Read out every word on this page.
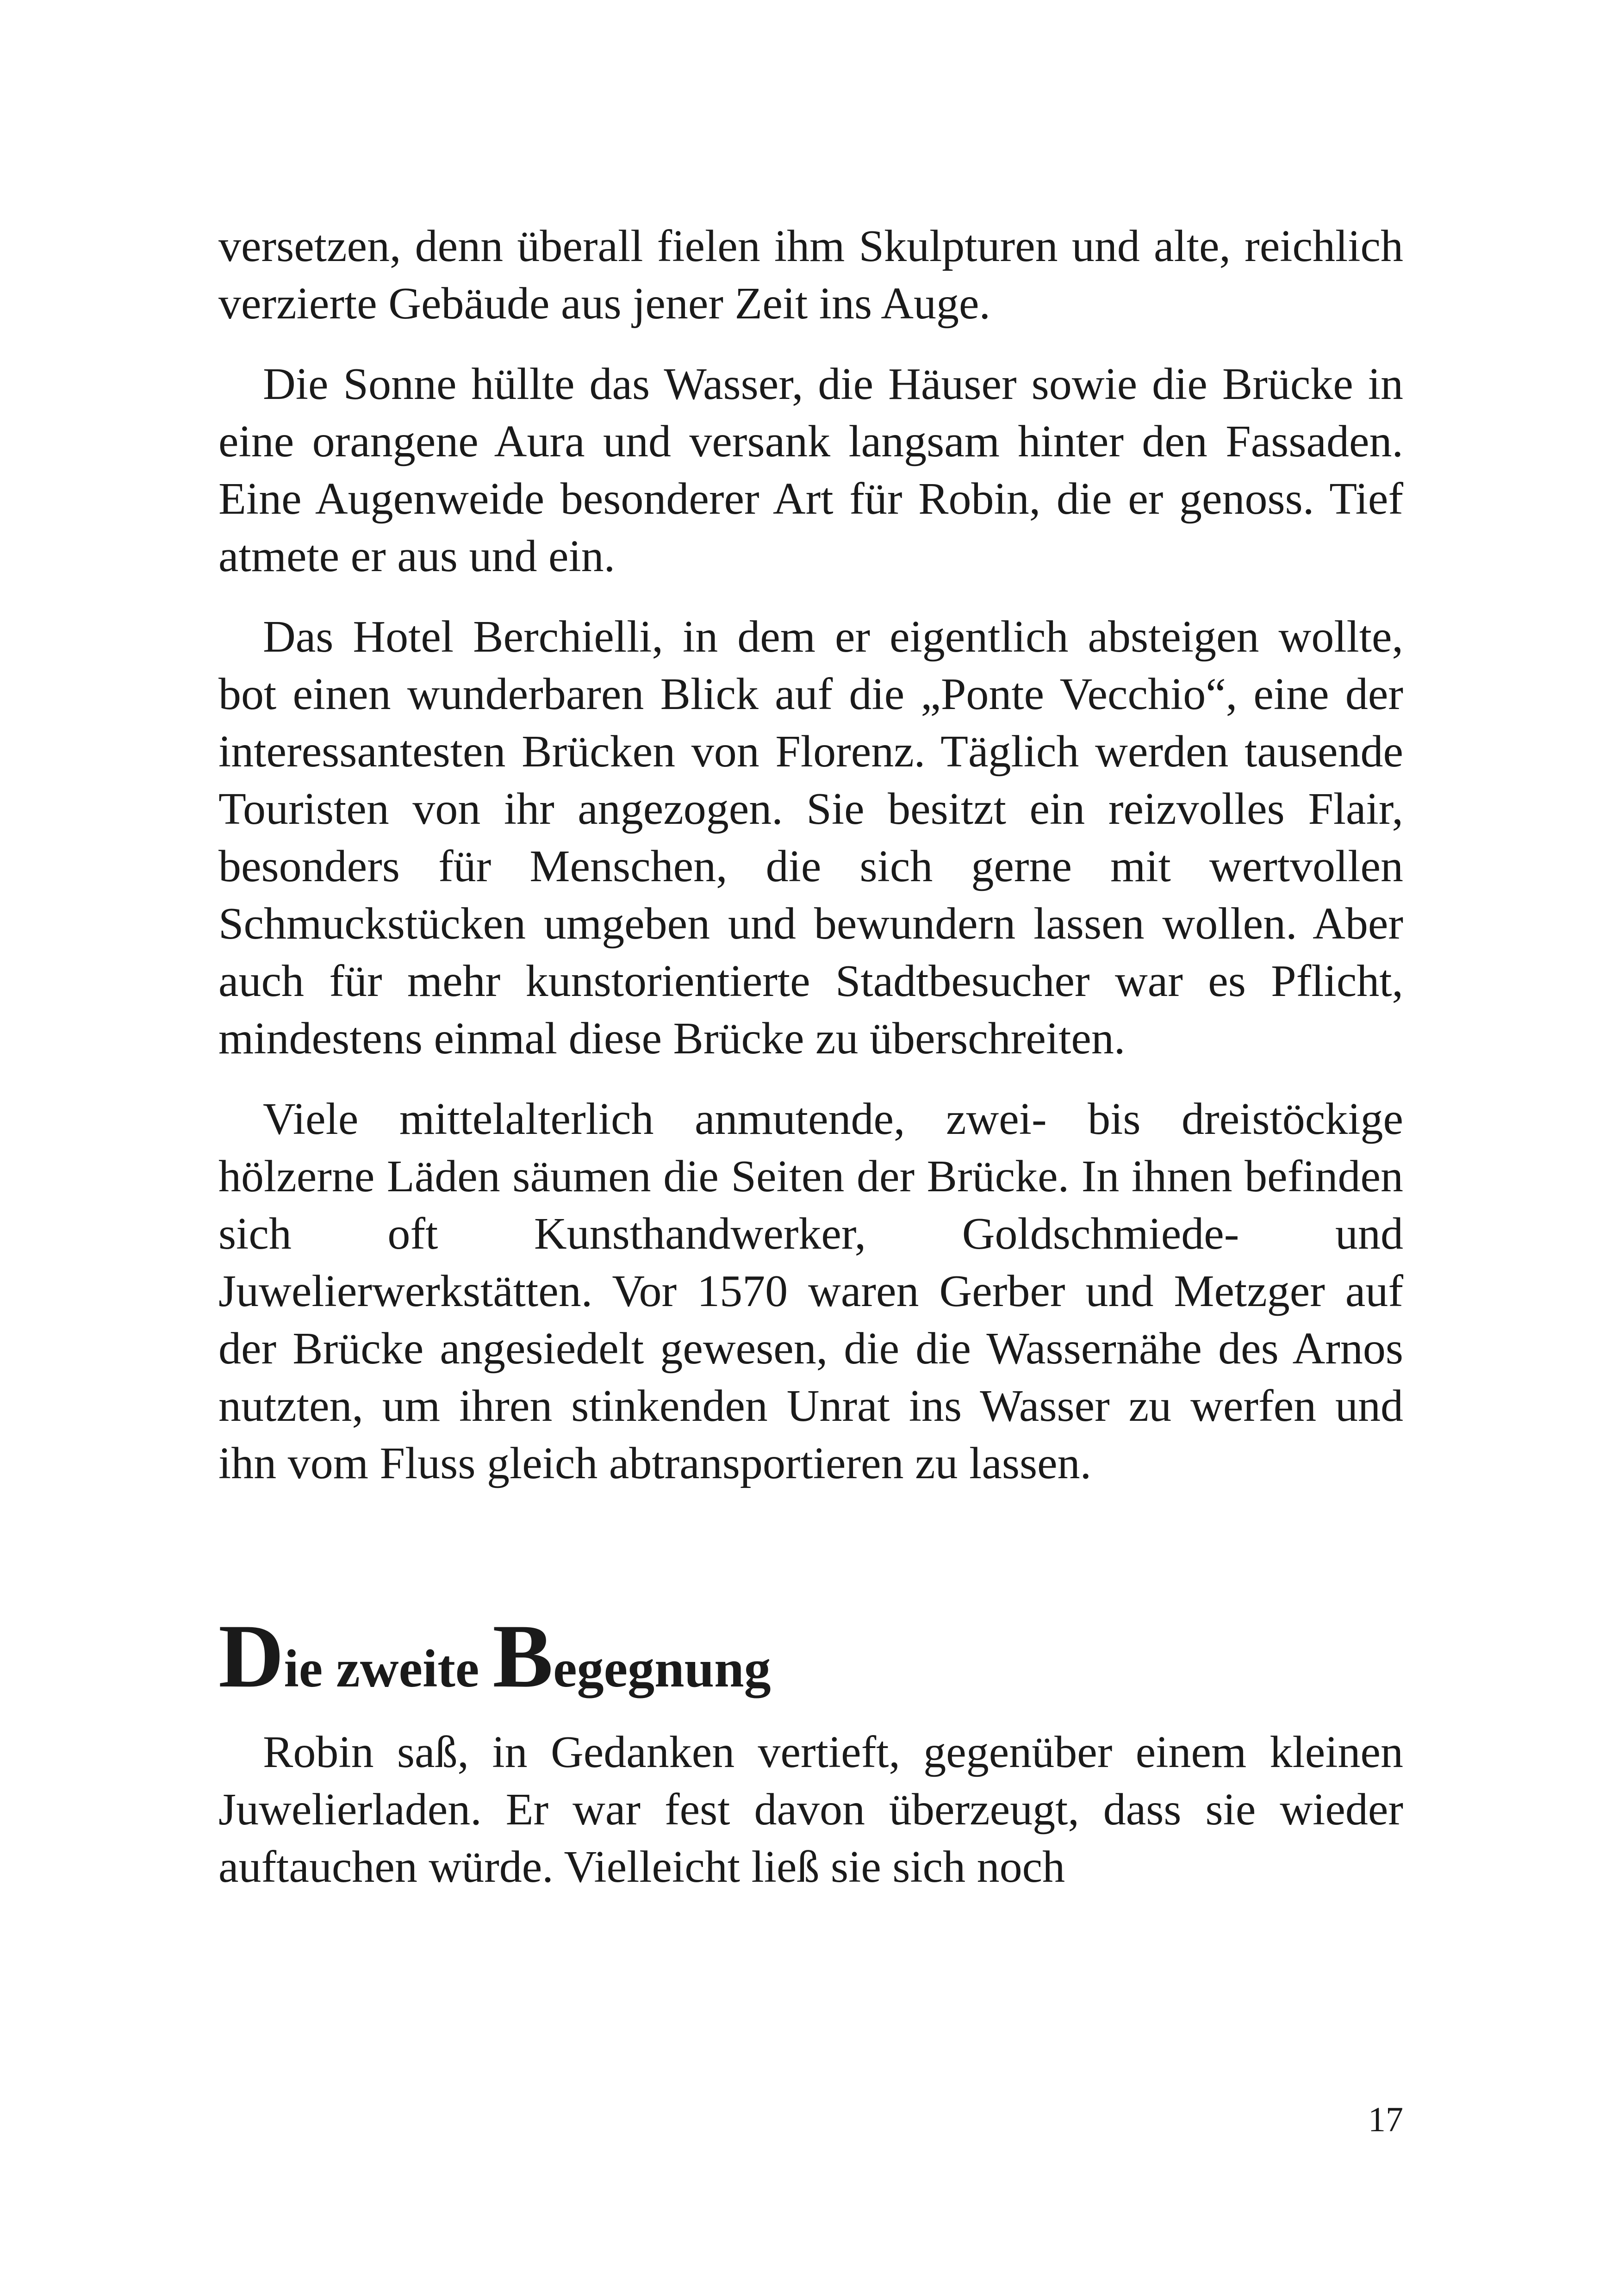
versetzen, denn überall fielen ihm Skulpturen und alte, reichlich verzierte Gebäude aus jener Zeit ins Auge.

Die Sonne hüllte das Wasser, die Häuser sowie die Brücke in eine orangene Aura und versank langsam hinter den Fassaden. Eine Augenweide besonderer Art für Robin, die er genoss. Tief atmete er aus und ein.

Das Hotel Berchielli, in dem er eigentlich absteigen wollte, bot einen wunderbaren Blick auf die „Ponte Vecchio“, eine der interessantesten Brücken von Florenz. Täglich werden tausende Touristen von ihr angezogen. Sie besitzt ein reizvolles Flair, besonders für Menschen, die sich gerne mit wertvollen Schmuckstücken umgeben und bewundern lassen wollen. Aber auch für mehr kunstorientierte Stadtbesucher war es Pflicht, mindestens einmal diese Brücke zu überschreiten.

Viele mittelalterlich anmutende, zwei- bis dreistöckige hölzerne Läden säumen die Seiten der Brücke. In ihnen befinden sich oft Kunsthandwerker, Goldschmiede- und Juwelierwerkstätten. Vor 1570 waren Gerber und Metzger auf der Brücke angesiedelt gewesen, die die Wassernähe des Arnos nutzten, um ihren stinkenden Unrat ins Wasser zu werfen und ihn vom Fluss gleich abtransportieren zu lassen.

Die zweite Begegnung

Robin saß, in Gedanken vertieft, gegenüber einem kleinen Juwelierladen. Er war fest davon überzeugt, dass sie wieder auftauchen würde. Vielleicht ließ sie sich noch

17
